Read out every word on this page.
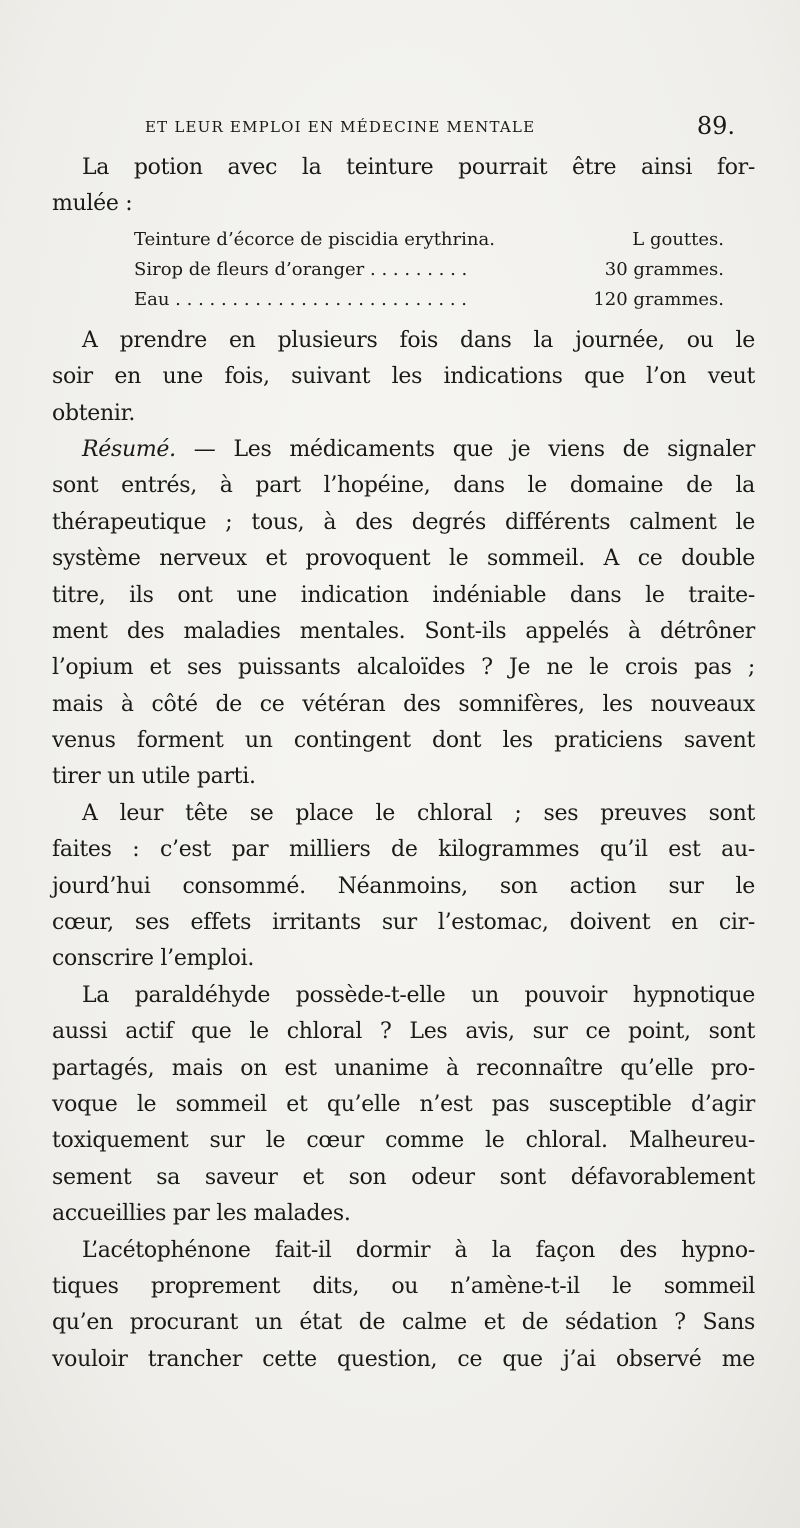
ET LEUR EMPLOI EN MÉDECINE MENTALE	89.
La potion avec la teinture pourrait être ainsi for-
mulée :
Teinture d’écorce de piscidia erythrina.	L gouttes.
Sirop de fleurs d’oranger . . . . . . . . .	30 grammes.
Eau . . . . . . . . . . . . . . . . . . . . . . . . . .	120 grammes.
A prendre en plusieurs fois dans la journée, ou le
soir en une fois, suivant les indications que l’on veut
obtenir.
Résumé. — Les médicaments que je viens de signaler
sont entrés, à part l’hopéine, dans le domaine de la
thérapeutique ; tous, à des degrés différents calment le
système nerveux et provoquent le sommeil. A ce double
titre, ils ont une indication indéniable dans le traite-
ment des maladies mentales. Sont-ils appelés à détrôner
l’opium et ses puissants alcaloïdes ? Je ne le crois pas ;
mais à côté de ce vétéran des somnifères, les nouveaux
venus forment un contingent dont les praticiens savent
tirer un utile parti.
A leur tête se place le chloral ; ses preuves sont
faites : c’est par milliers de kilogrammes qu’il est au-
jourd’hui consommé. Néanmoins, son action sur le
cœur, ses effets irritants sur l’estomac, doivent en cir-
conscrire l’emploi.
La paraldéhyde possède-t-elle un pouvoir hypnotique
aussi actif que le chloral ? Les avis, sur ce point, sont
partagés, mais on est unanime à reconnaître qu’elle pro-
voque le sommeil et qu’elle n’est pas susceptible d’agir
toxiquement sur le cœur comme le chloral. Malheureu-
sement sa saveur et son odeur sont défavorablement
accueillies par les malades.
L’acétophénone fait-il dormir à la façon des hypno-
tiques proprement dits, ou n’amène-t-il le sommeil
qu’en procurant un état de calme et de sédation ? Sans
vouloir trancher cette question, ce que j’ai observé me
